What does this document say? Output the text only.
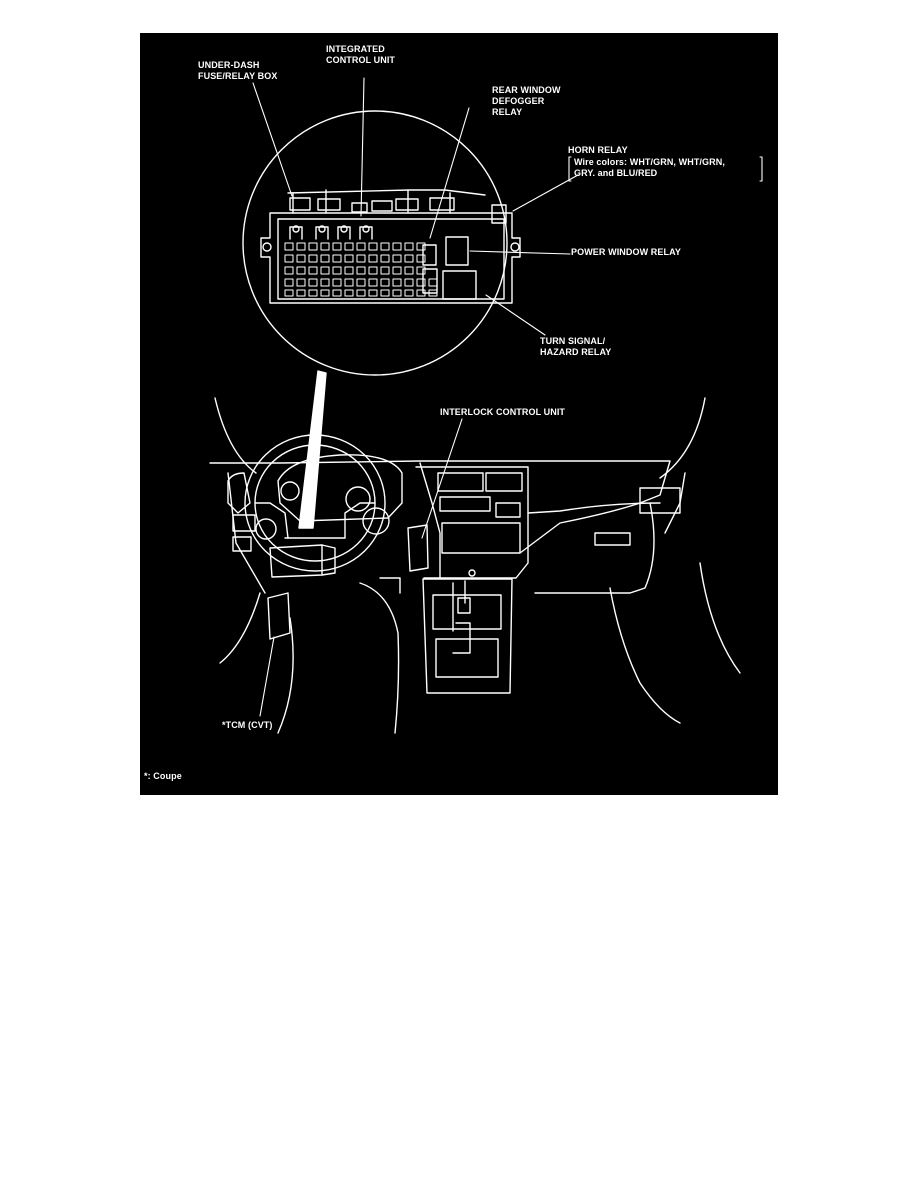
UNDER-DASH
FUSE/RELAY BOX
INTEGRATED
CONTROL UNIT
REAR WINDOW
DEFOGGER
RELAY
HORN RELAY
Wire colors: WHT/GRN, WHT/GRN,
GRY. and BLU/RED
POWER WINDOW RELAY
TURN SIGNAL/
HAZARD RELAY
INTERLOCK CONTROL UNIT
*TCM (CVT)
*: Coupe
